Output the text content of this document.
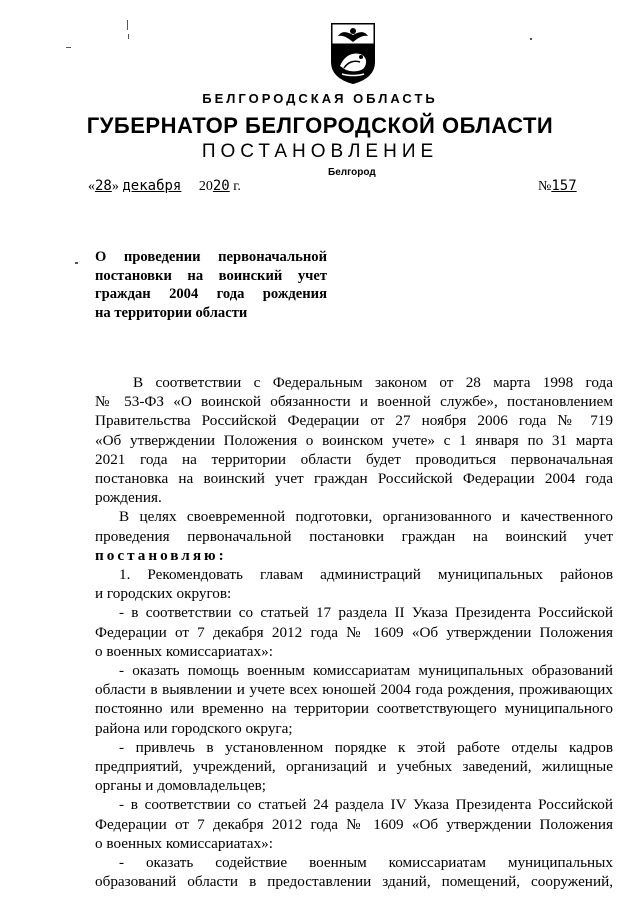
БЕЛГОРОДСКАЯ ОБЛАСТЬ
ГУБЕРНАТОР БЕЛГОРОДСКОЙ ОБЛАСТИ
ПОСТАНОВЛЕНИЕ
Белгород
«28» декабря 2020 г.	№157
О проведении первоначальной
постановки на воинский учет
граждан 2004 года рождения
на территории области
В соответствии с Федеральным законом от 28 марта 1998 года
№ 53-ФЗ «О воинской обязанности и военной службе», постановлением
Правительства Российской Федерации от 27 ноября 2006 года № 719
«Об утверждении Положения о воинском учете» с 1 января по 31 марта
2021 года на территории области будет проводиться первоначальная
постановка на воинский учет граждан Российской Федерации 2004 года
рождения.
В целях своевременной подготовки, организованного и качественного
проведения первоначальной постановки граждан на воинский учет
постановляю:
1. Рекомендовать главам администраций муниципальных районов
и городских округов:
- в соответствии со статьей 17 раздела II Указа Президента Российской
Федерации от 7 декабря 2012 года № 1609 «Об утверждении Положения
о военных комиссариатах»:
- оказать помощь военным комиссариатам муниципальных образований
области в выявлении и учете всех юношей 2004 года рождения, проживающих
постоянно или временно на территории соответствующего муниципального
района или городского округа;
- привлечь в установленном порядке к этой работе отделы кадров
предприятий, учреждений, организаций и учебных заведений, жилищные
органы и домовладельцев;
- в соответствии со статьей 24 раздела IV Указа Президента Российской
Федерации от 7 декабря 2012 года № 1609 «Об утверждении Положения
о военных комиссариатах»:
- оказать содействие военным комиссариатам муниципальных
образований области в предоставлении зданий, помещений, сооружений,
